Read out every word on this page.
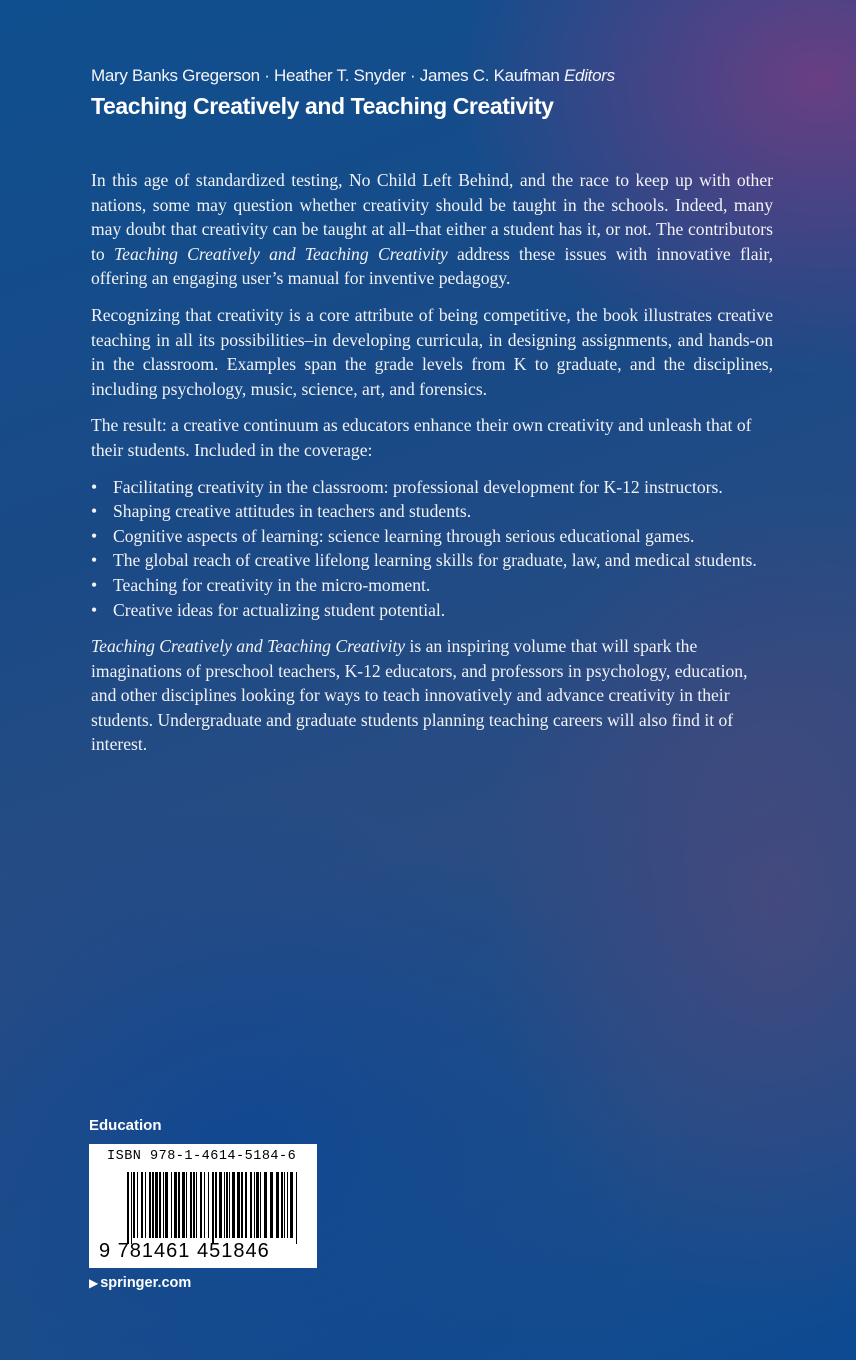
Mary Banks Gregerson · Heather T. Snyder · James C. Kaufman Editors
Teaching Creatively and Teaching Creativity

In this age of standardized testing, No Child Left Behind, and the race to keep up with other nations, some may question whether creativity should be taught in the schools. Indeed, many may doubt that creativity can be taught at all–that either a student has it, or not. The contributors to Teaching Creatively and Teaching Creativity address these issues with innovative flair, offering an engaging user’s manual for inventive pedagogy.

Recognizing that creativity is a core attribute of being competitive, the book illustrates creative teaching in all its possibilities–in developing curricula, in designing assignments, and hands-on in the classroom. Examples span the grade levels from K to graduate, and the disciplines, including psychology, music, science, art, and forensics.

The result: a creative continuum as educators enhance their own creativity and unleash that of their students. Included in the coverage:

• Facilitating creativity in the classroom: professional development for K-12 instructors.
• Shaping creative attitudes in teachers and students.
• Cognitive aspects of learning: science learning through serious educational games.
• The global reach of creative lifelong learning skills for graduate, law, and medical students.
• Teaching for creativity in the micro-moment.
• Creative ideas for actualizing student potential.

Teaching Creatively and Teaching Creativity is an inspiring volume that will spark the imaginations of preschool teachers, K-12 educators, and professors in psychology, education, and other disciplines looking for ways to teach innovatively and advance creativity in their students. Undergraduate and graduate students planning teaching careers will also find it of interest.

Education
ISBN 978-1-4614-5184-6
9 781461 451846
▶ springer.com
